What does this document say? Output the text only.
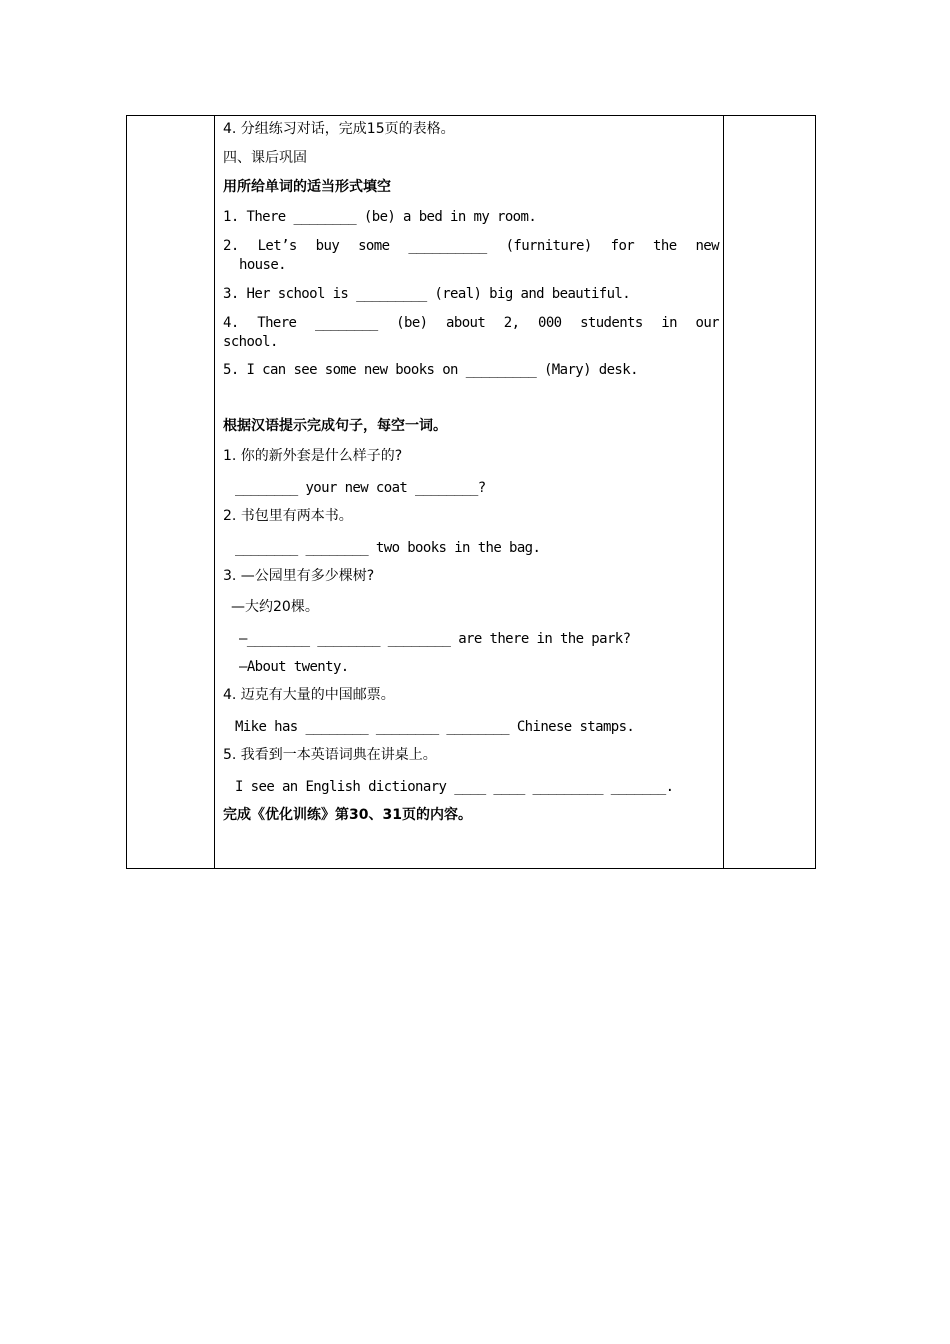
4. 分组练习对话，完成15页的表格。
四、课后巩固
用所给单词的适当形式填空
1. There ________ (be) a bed in my room.
2. Let’s buy some __________ (furniture) for the new
house.
3. Her school is _________ (real) big and beautiful.
4. There ________ (be) about 2, 000 students in our
school.
5. I can see some new books on _________ (Mary) desk.
根据汉语提示完成句子，每空一词。
1. 你的新外套是什么样子的?
________ your new coat ________?
2. 书包里有两本书。
________ ________ two books in the bag.
3. —公园里有多少棵树?
—大约20棵。
—________ ________ ________ are there in the park?
—About twenty.
4. 迈克有大量的中国邮票。
Mike has ________ ________ ________ Chinese stamps.
5. 我看到一本英语词典在讲桌上。
I see an English dictionary ____ ____ _________ _______.
完成《优化训练》第30、31页的内容。
